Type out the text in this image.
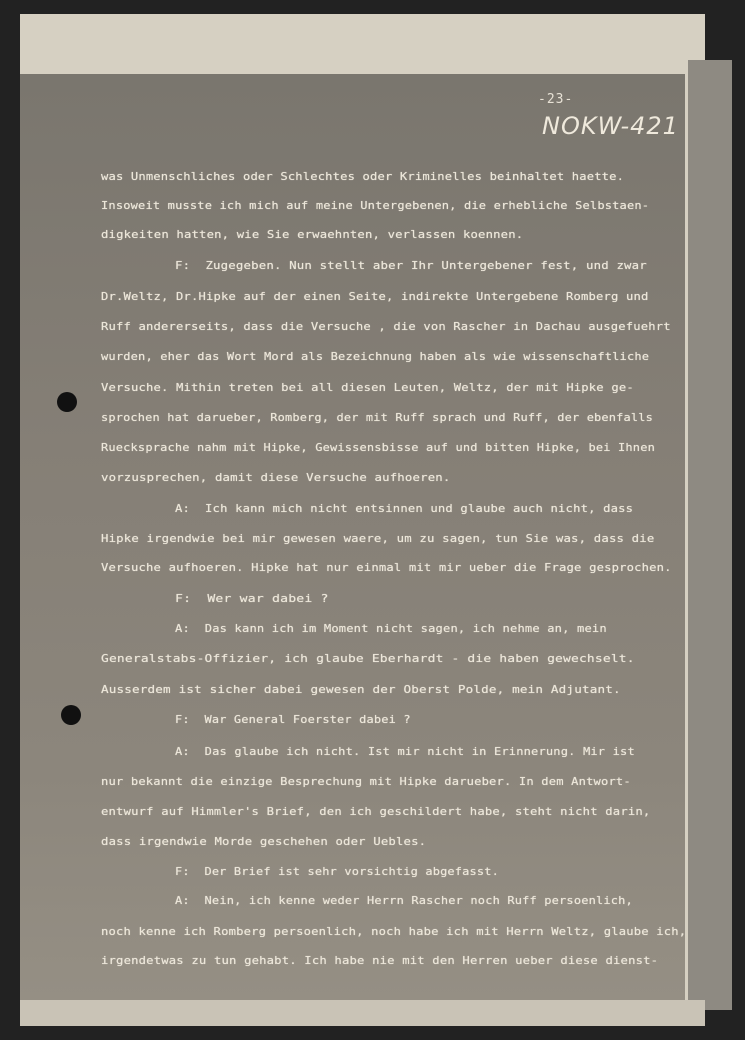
-23-
NOKW-421
was Unmenschliches oder Schlechtes oder Kriminelles beinhaltet haette.
Insoweit musste ich mich auf meine Untergebenen, die erhebliche Selbstaen-
digkeiten hatten, wie Sie erwaehnten, verlassen koennen.
F:  Zugegeben. Nun stellt aber Ihr Untergebener fest, und zwar
Dr.Weltz, Dr.Hipke auf der einen Seite, indirekte Untergebene Romberg und
Ruff andererseits, dass die Versuche , die von Rascher in Dachau ausgefuehrt
wurden, eher das Wort Mord als Bezeichnung haben als wie wissenschaftliche
Versuche. Mithin treten bei all diesen Leuten, Weltz, der mit Hipke ge-
sprochen hat darueber, Romberg, der mit Ruff sprach und Ruff, der ebenfalls
Ruecksprache nahm mit Hipke, Gewissensbisse auf und bitten Hipke, bei Ihnen
vorzusprechen, damit diese Versuche aufhoeren.
A:  Ich kann mich nicht entsinnen und glaube auch nicht, dass
Hipke irgendwie bei mir gewesen waere, um zu sagen, tun Sie was, dass die
Versuche aufhoeren. Hipke hat nur einmal mit mir ueber die Frage gesprochen.
F:  Wer war dabei ?
A:  Das kann ich im Moment nicht sagen, ich nehme an, mein
Generalstabs-Offizier, ich glaube Eberhardt - die haben gewechselt.
Ausserdem ist sicher dabei gewesen der Oberst Polde, mein Adjutant.
F:  War General Foerster dabei ?
A:  Das glaube ich nicht. Ist mir nicht in Erinnerung. Mir ist
nur bekannt die einzige Besprechung mit Hipke darueber. In dem Antwort-
entwurf auf Himmler's Brief, den ich geschildert habe, steht nicht darin,
dass irgendwie Morde geschehen oder Uebles.
F:  Der Brief ist sehr vorsichtig abgefasst.
A:  Nein, ich kenne weder Herrn Rascher noch Ruff persoenlich,
noch kenne ich Romberg persoenlich, noch habe ich mit Herrn Weltz, glaube ich,
irgendetwas zu tun gehabt. Ich habe nie mit den Herren ueber diese dienst-
